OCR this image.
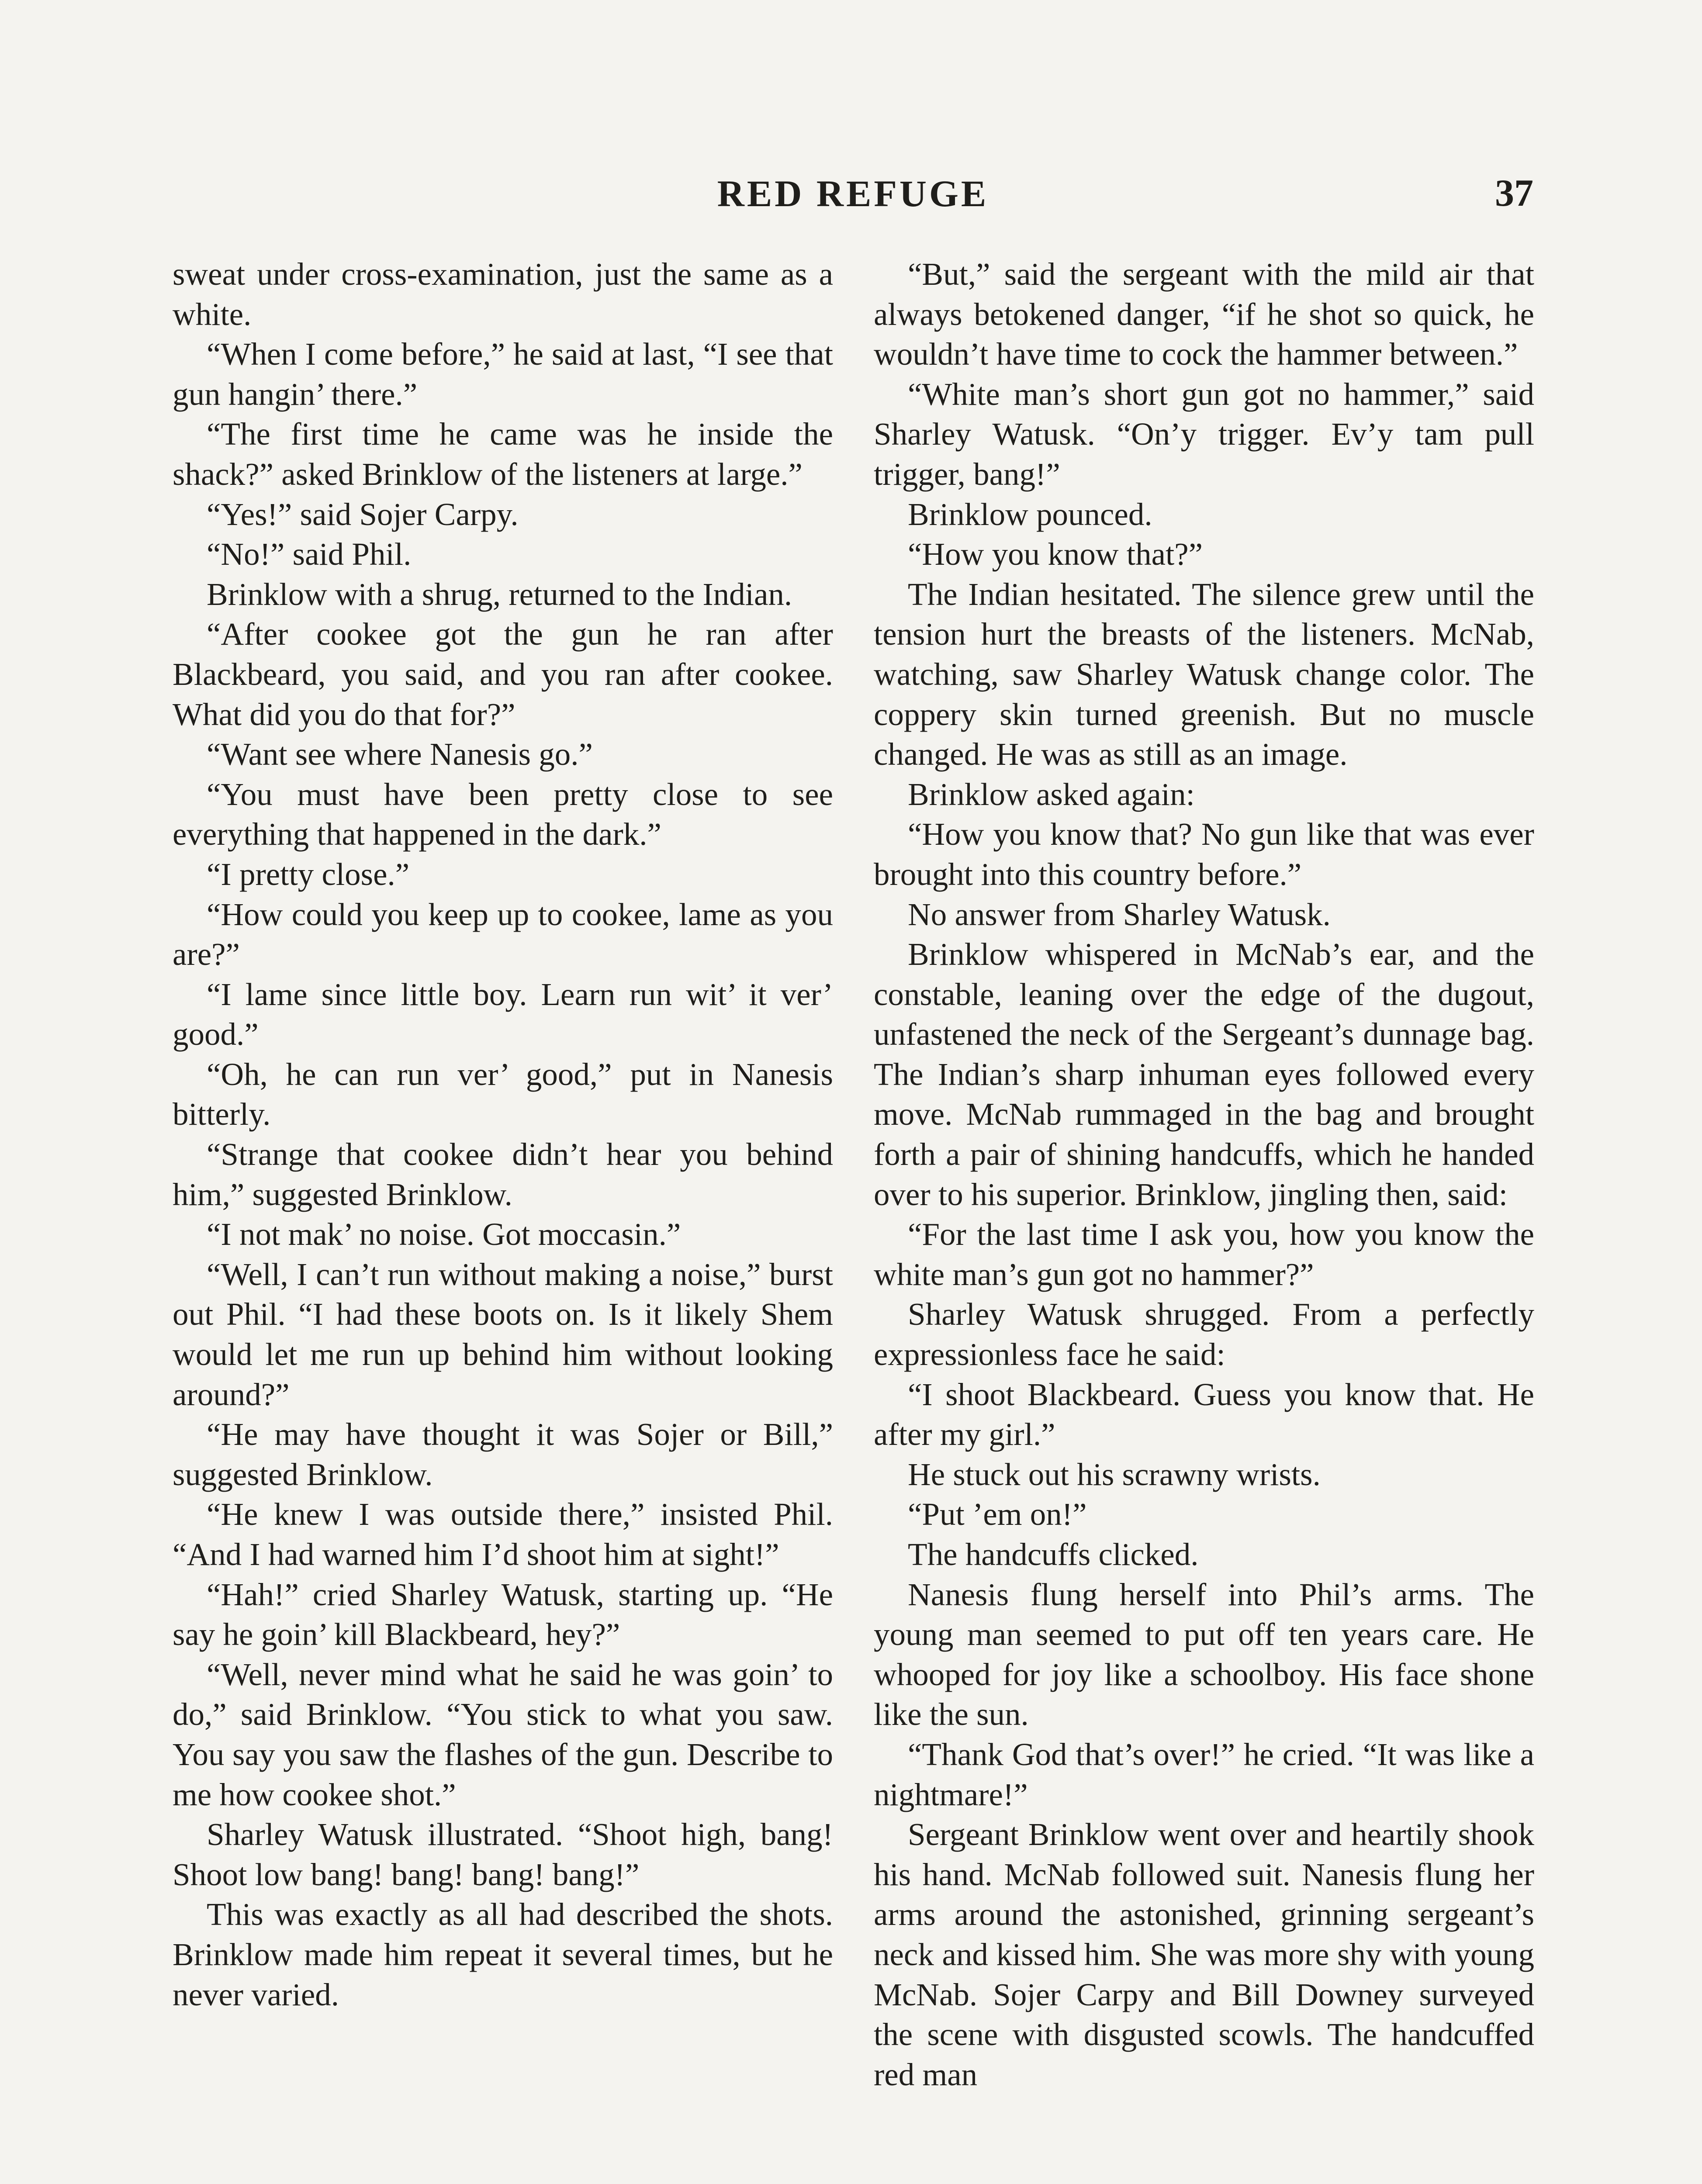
RED REFUGE	37

sweat under cross-examination, just the same as a white.

“When I come before,” he said at last, “I see that gun hangin’ there.”

“The first time he came was he inside the shack?” asked Brinklow of the listeners at large.”

“Yes!” said Sojer Carpy.

“No!” said Phil.

Brinklow with a shrug, returned to the Indian.

“After cookee got the gun he ran after Blackbeard, you said, and you ran after cookee. What did you do that for?”

“Want see where Nanesis go.”

“You must have been pretty close to see everything that happened in the dark.”

“I pretty close.”

“How could you keep up to cookee, lame as you are?”

“I lame since little boy. Learn run wit’ it ver’ good.”

“Oh, he can run ver’ good,” put in Nanesis bitterly.

“Strange that cookee didn’t hear you behind him,” suggested Brinklow.

“I not mak’ no noise. Got moccasin.”

“Well, I can’t run without making a noise,” burst out Phil. “I had these boots on. Is it likely Shem would let me run up behind him without looking around?”

“He may have thought it was Sojer or Bill,” suggested Brinklow.

“He knew I was outside there,” insisted Phil. “And I had warned him I’d shoot him at sight!”

“Hah!” cried Sharley Watusk, starting up. “He say he goin’ kill Blackbeard, hey?”

“Well, never mind what he said he was goin’ to do,” said Brinklow. “You stick to what you saw. You say you saw the flashes of the gun. Describe to me how cookee shot.”

Sharley Watusk illustrated. “Shoot high, bang! Shoot low bang! bang! bang! bang!”

This was exactly as all had described the shots. Brinklow made him repeat it several times, but he never varied.

“But,” said the sergeant with the mild air that always betokened danger, “if he shot so quick, he wouldn’t have time to cock the hammer between.”

“White man’s short gun got no hammer,” said Sharley Watusk. “On’y trigger. Ev’y tam pull trigger, bang!”

Brinklow pounced.

“How you know that?”

The Indian hesitated. The silence grew until the tension hurt the breasts of the listeners. McNab, watching, saw Sharley Watusk change color. The coppery skin turned greenish. But no muscle changed. He was as still as an image.

Brinklow asked again:

“How you know that? No gun like that was ever brought into this country before.”

No answer from Sharley Watusk.

Brinklow whispered in McNab’s ear, and the constable, leaning over the edge of the dugout, unfastened the neck of the Sergeant’s dunnage bag. The Indian’s sharp inhuman eyes followed every move. McNab rummaged in the bag and brought forth a pair of shining handcuffs, which he handed over to his superior. Brinklow, jingling then, said:

“For the last time I ask you, how you know the white man’s gun got no hammer?”

Sharley Watusk shrugged. From a perfectly expressionless face he said:

“I shoot Blackbeard. Guess you know that. He after my girl.”

He stuck out his scrawny wrists.

“Put ’em on!”

The handcuffs clicked.

Nanesis flung herself into Phil’s arms. The young man seemed to put off ten years care. He whooped for joy like a schoolboy. His face shone like the sun.

“Thank God that’s over!” he cried. “It was like a nightmare!”

Sergeant Brinklow went over and heartily shook his hand. McNab followed suit. Nanesis flung her arms around the astonished, grinning sergeant’s neck and kissed him. She was more shy with young McNab. Sojer Carpy and Bill Downey surveyed the scene with disgusted scowls. The handcuffed red man
